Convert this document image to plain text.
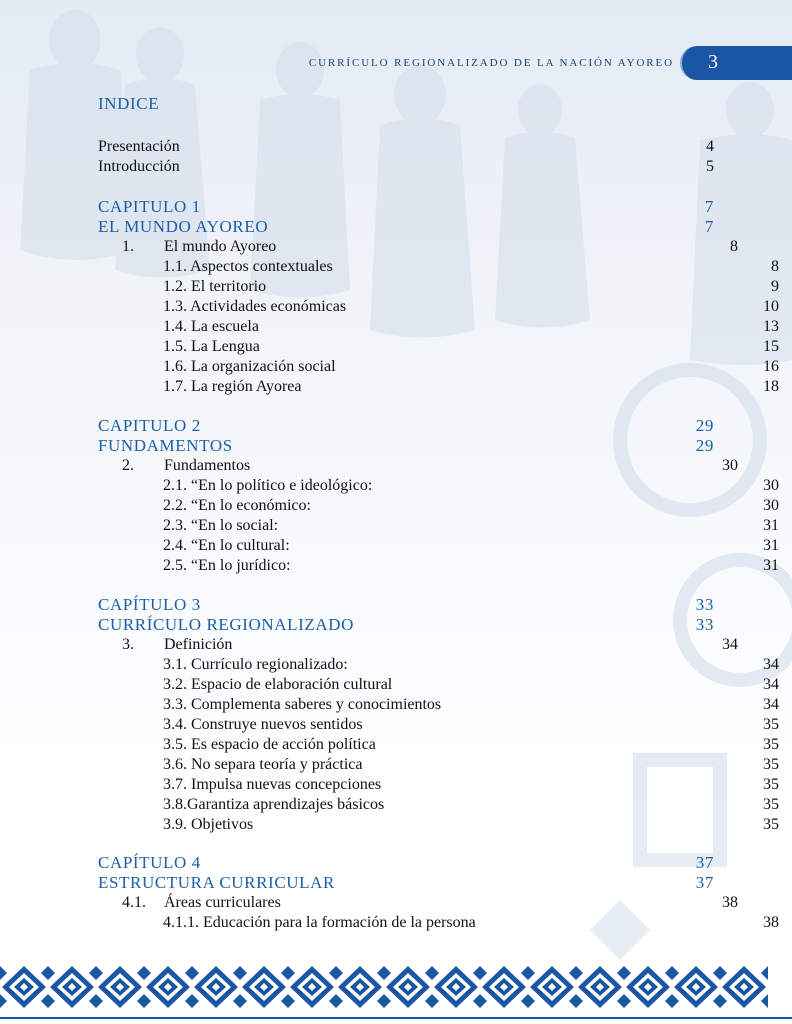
CURRÍCULO REGIONALIZADO DE LA NACIÓN AYOREO	3
INDICE
Presentación	4
Introducción	5
CAPITULO 1	7
EL MUNDO AYOREO	7
1. El mundo Ayoreo	8
1.1. Aspectos contextuales	8
1.2. El territorio	9
1.3. Actividades económicas	10
1.4. La escuela	13
1.5. La Lengua	15
1.6. La organización social	16
1.7. La región Ayorea	18
CAPITULO 2	29
FUNDAMENTOS	29
2. Fundamentos	30
2.1. “En lo político e ideológico:	30
2.2. “En lo económico:	30
2.3. “En lo social:	31
2.4. “En lo cultural:	31
2.5. “En lo jurídico:	31
CAPÍTULO 3	33
CURRÍCULO REGIONALIZADO	33
3. Definición	34
3.1. Currículo regionalizado:	34
3.2. Espacio de elaboración cultural	34
3.3. Complementa saberes y conocimientos	34
3.4. Construye nuevos sentidos	35
3.5. Es espacio de acción política	35
3.6. No separa teoría y práctica	35
3.7. Impulsa nuevas concepciones	35
3.8.Garantiza aprendizajes básicos	35
3.9. Objetivos	35
CAPÍTULO 4	37
ESTRUCTURA CURRICULAR	37
4.1. Áreas curriculares	38
4.1.1. Educación para la formación de la persona	38
